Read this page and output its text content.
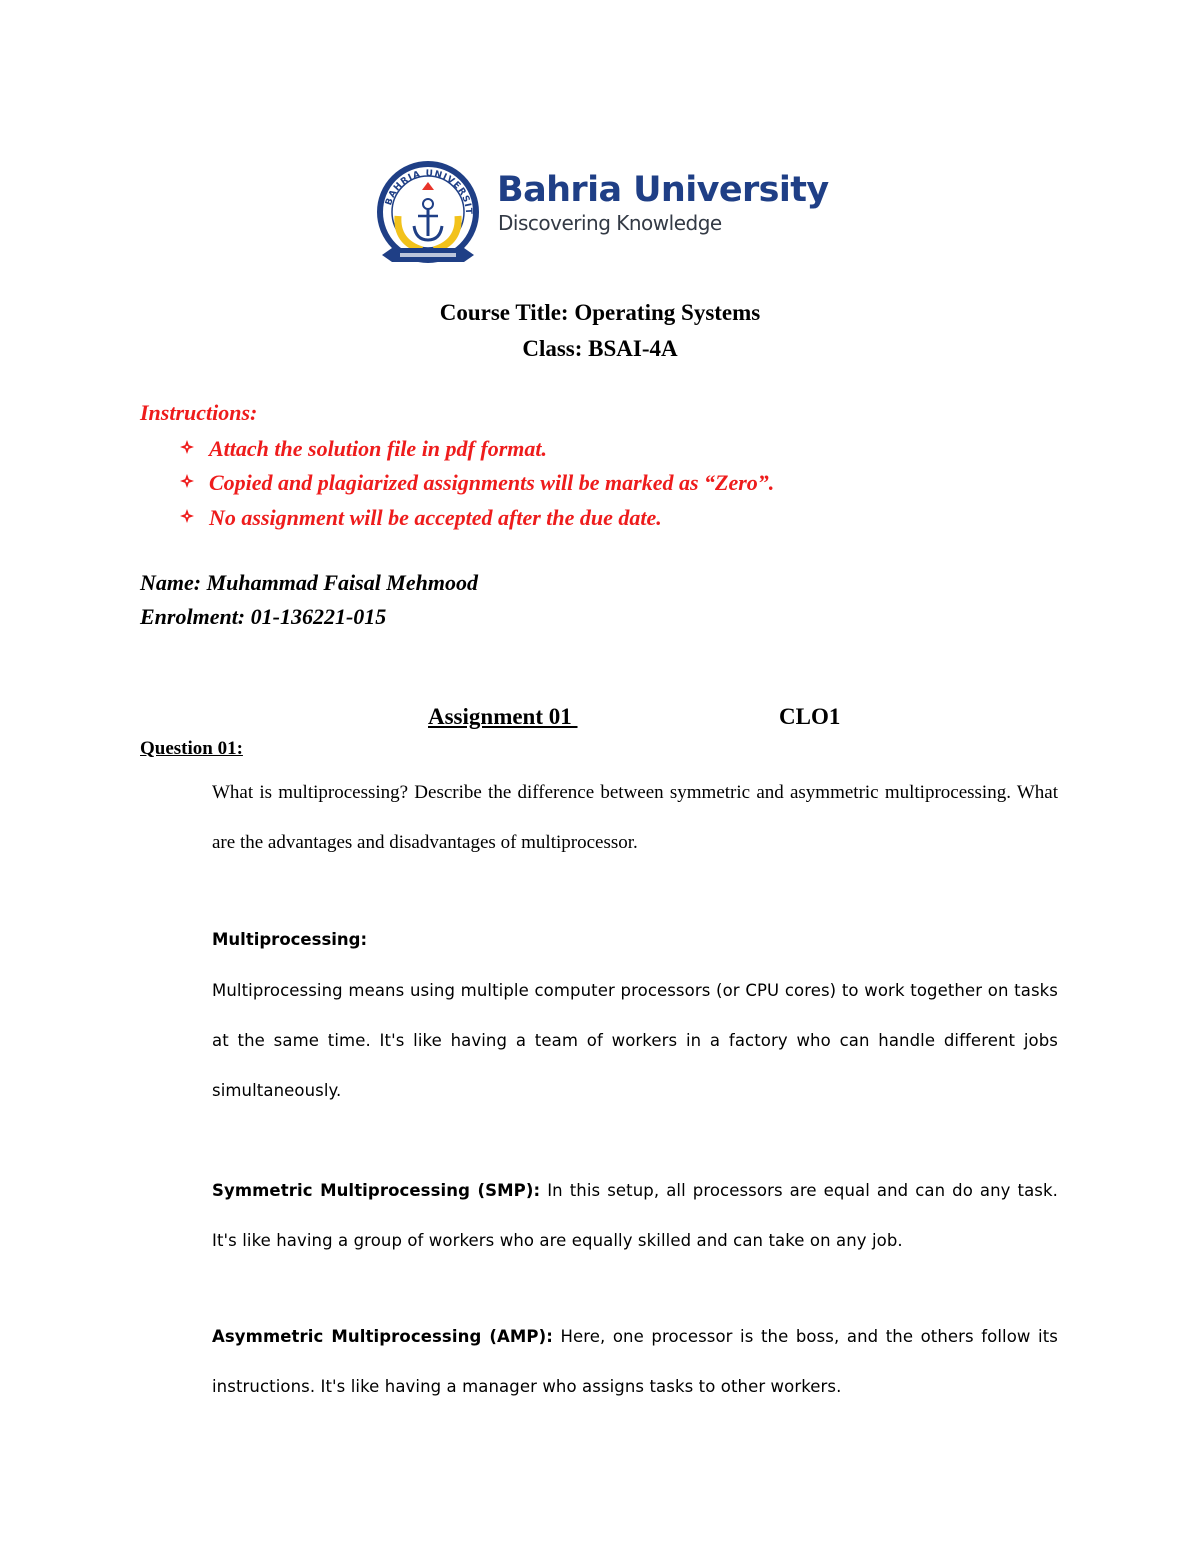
BAHRIA UNIVERSIT
Bahria University
Discovering Knowledge
Course Title: Operating Systems
Class: BSAI-4A
Instructions:
Attach the solution file in pdf format.
Copied and plagiarized assignments will be marked as “Zero”.
No assignment will be accepted after the due date.
Name: Muhammad Faisal Mehmood
Enrolment: 01-136221-015
Assignment 01	CLO1
Question 01:
What is multiprocessing? Describe the difference between symmetric and asymmetric multiprocessing. What are the advantages and disadvantages of multiprocessor.
Multiprocessing:
Multiprocessing means using multiple computer processors (or CPU cores) to work together on tasks at the same time. It's like having a team of workers in a factory who can handle different jobs simultaneously.
Symmetric Multiprocessing (SMP): In this setup, all processors are equal and can do any task. It's like having a group of workers who are equally skilled and can take on any job.
Asymmetric Multiprocessing (AMP): Here, one processor is the boss, and the others follow its instructions. It's like having a manager who assigns tasks to other workers.
